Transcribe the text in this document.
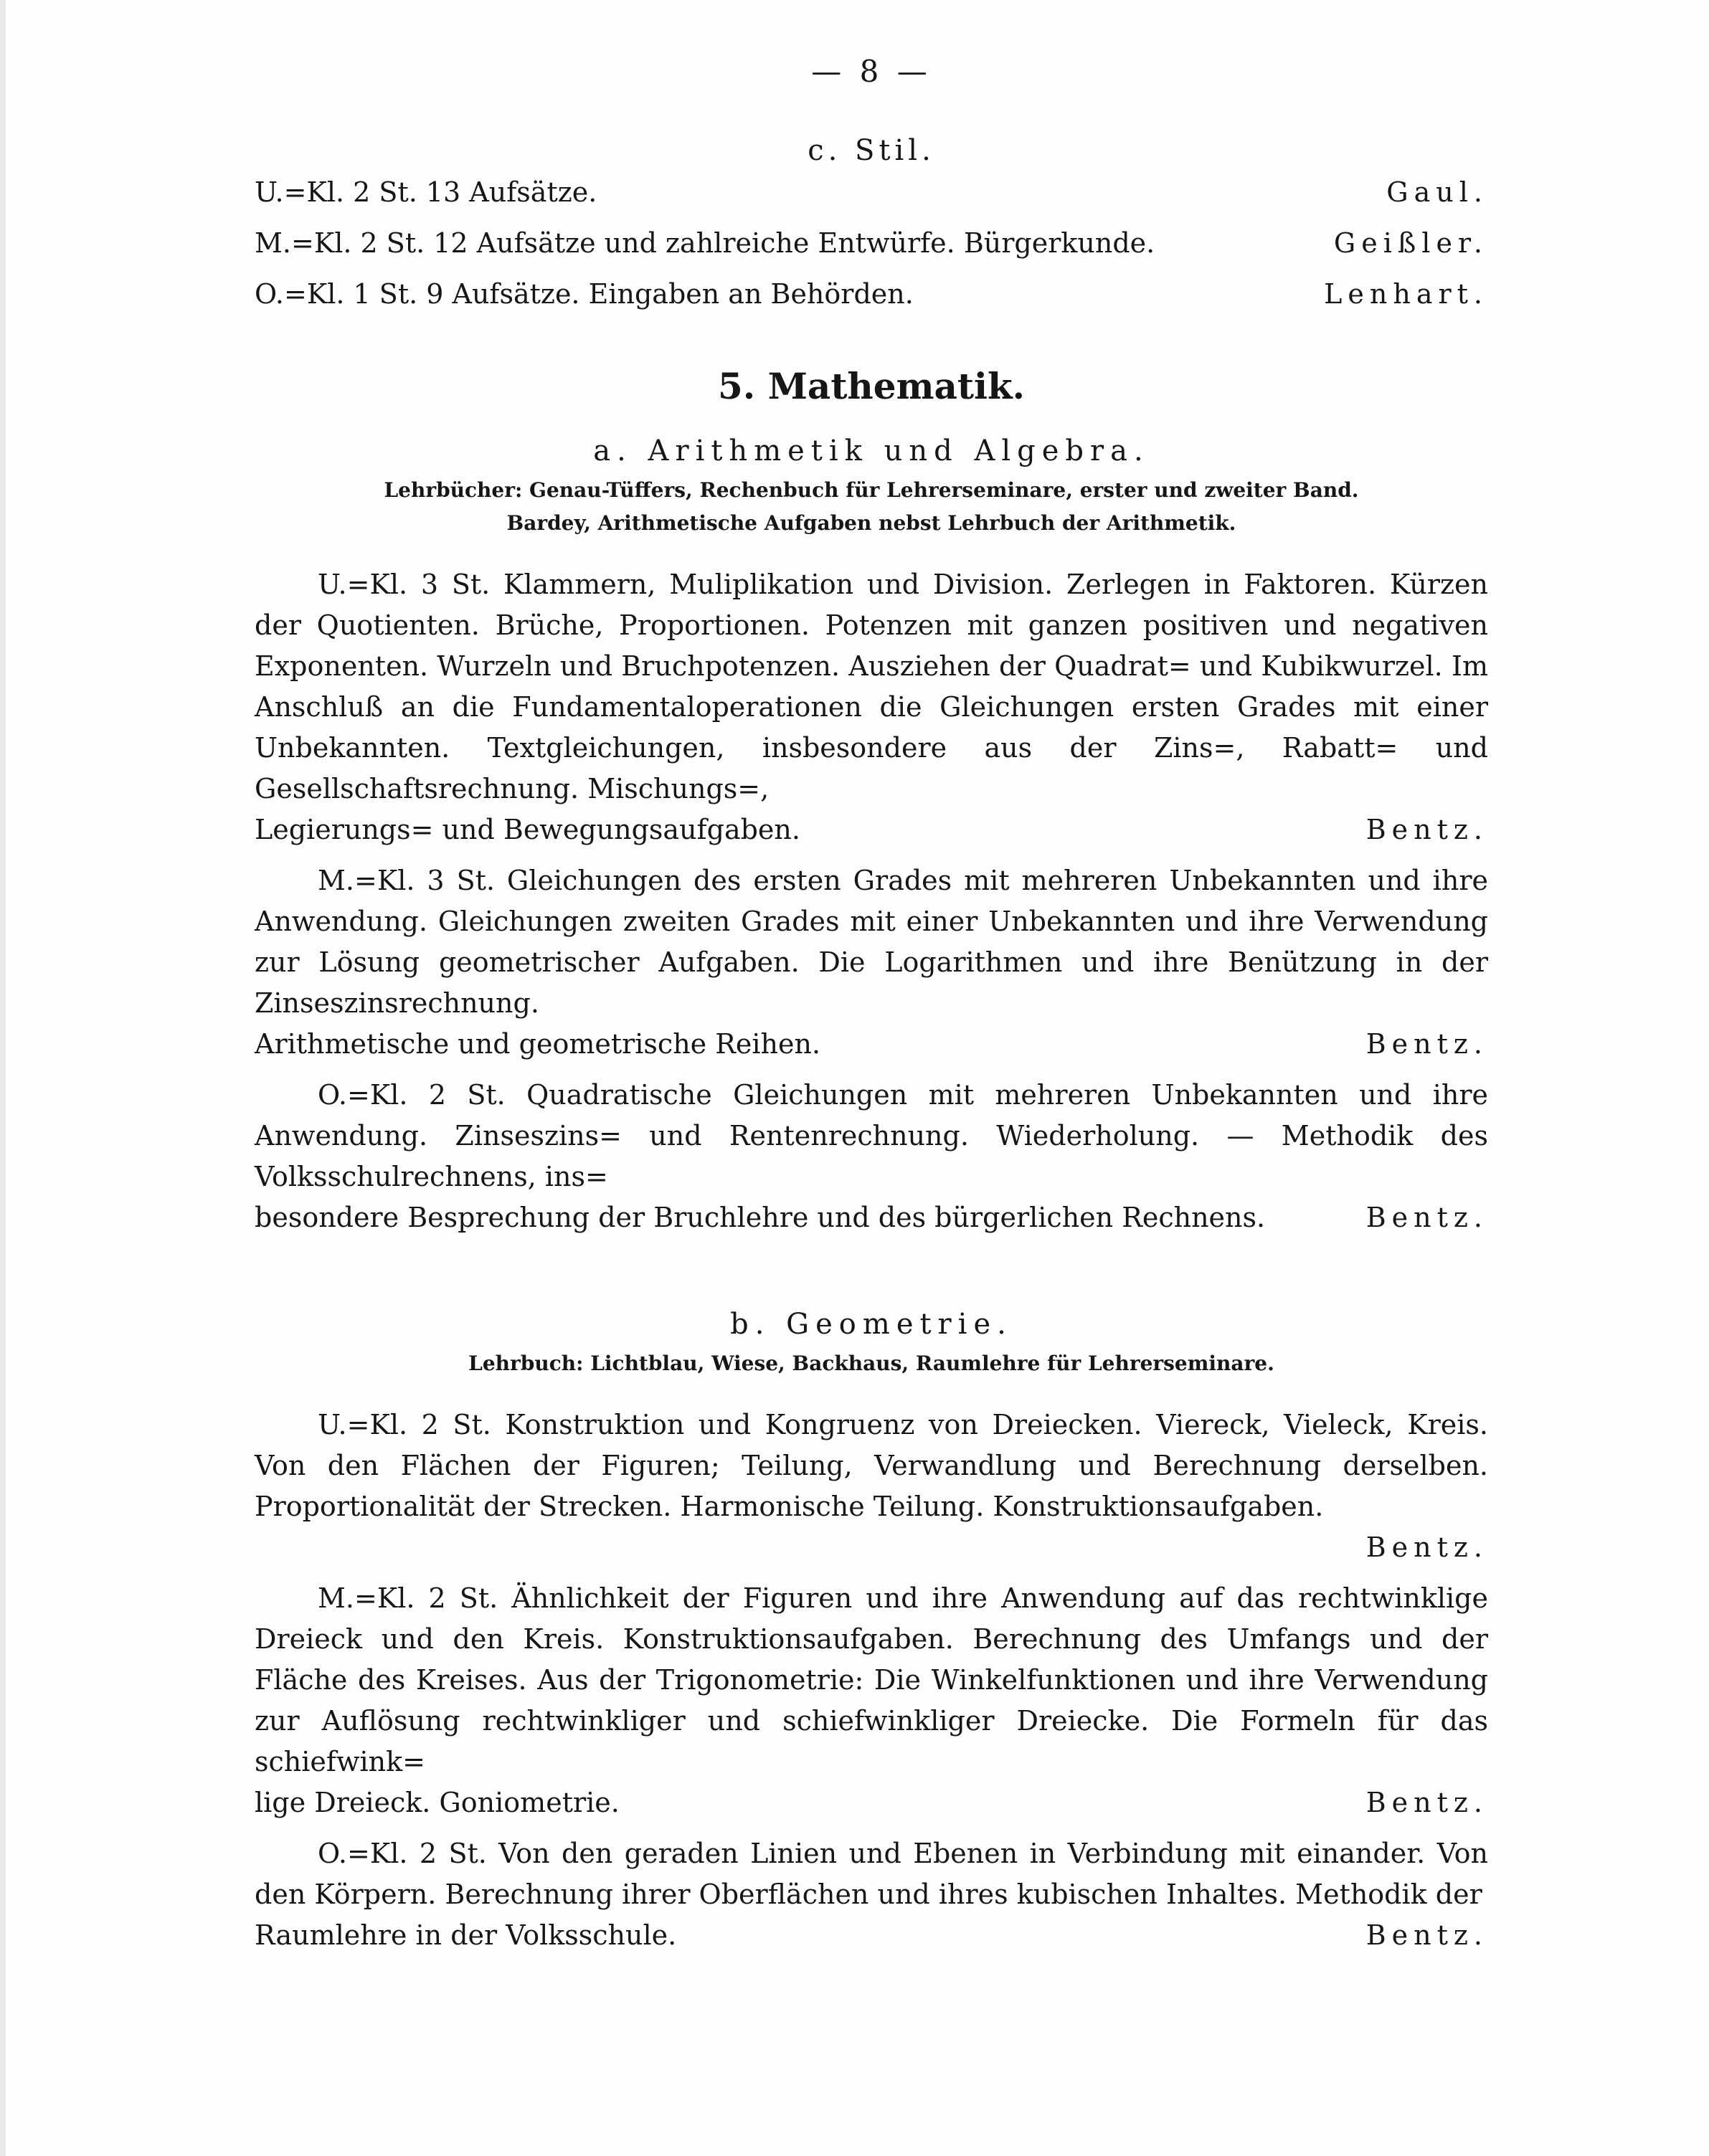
— 8 —
c. Stil.
U.=Kl. 2 St. 13 Aufsätze.	Gaul.
M.=Kl. 2 St. 12 Aufsätze und zahlreiche Entwürfe. Bürgerkunde.	Geißler.
O.=Kl. 1 St. 9 Aufsätze. Eingaben an Behörden.	Lenhart.
5. Mathematik.
a. Arithmetik und Algebra.
Lehrbücher: Genau-Tüffers, Rechenbuch für Lehrerseminare, erster und zweiter Band.
Bardey, Arithmetische Aufgaben nebst Lehrbuch der Arithmetik.
U.=Kl. 3 St. Klammern, Muliplikation und Division. Zerlegen in Faktoren. Kürzen der Quotienten. Brüche, Proportionen. Potenzen mit ganzen positiven und negativen Exponenten. Wurzeln und Bruchpotenzen. Ausziehen der Quadrat= und Kubikwurzel. Im Anschluß an die Fundamentaloperationen die Gleichungen ersten Grades mit einer Unbekannten. Textgleichungen, insbesondere aus der Zins=, Rabatt= und Gesellschaftsrechnung. Mischungs=,
Legierungs= und Bewegungsaufgaben.	Bentz.
M.=Kl. 3 St. Gleichungen des ersten Grades mit mehreren Unbekannten und ihre Anwendung. Gleichungen zweiten Grades mit einer Unbekannten und ihre Verwendung zur Lösung geometrischer Aufgaben. Die Logarithmen und ihre Benützung in der Zinseszinsrechnung.
Arithmetische und geometrische Reihen.	Bentz.
O.=Kl. 2 St. Quadratische Gleichungen mit mehreren Unbekannten und ihre Anwendung. Zinseszins= und Rentenrechnung. Wiederholung. — Methodik des Volksschulrechnens, ins=
besondere Besprechung der Bruchlehre und des bürgerlichen Rechnens.	Bentz.
b. Geometrie.
Lehrbuch: Lichtblau, Wiese, Backhaus, Raumlehre für Lehrerseminare.
U.=Kl. 2 St. Konstruktion und Kongruenz von Dreiecken. Viereck, Vieleck, Kreis. Von den Flächen der Figuren; Teilung, Verwandlung und Berechnung derselben. Proportionalität der Strecken. Harmonische Teilung. Konstruktionsaufgaben.
Bentz.
M.=Kl. 2 St. Ähnlichkeit der Figuren und ihre Anwendung auf das rechtwinklige Dreieck und den Kreis. Konstruktionsaufgaben. Berechnung des Umfangs und der Fläche des Kreises. Aus der Trigonometrie: Die Winkelfunktionen und ihre Verwendung zur Auflösung rechtwinkliger und schiefwinkliger Dreiecke. Die Formeln für das schiefwink=
lige Dreieck. Goniometrie.	Bentz.
O.=Kl. 2 St. Von den geraden Linien und Ebenen in Verbindung mit einander. Von den Körpern. Berechnung ihrer Oberflächen und ihres kubischen Inhaltes. Methodik der
Raumlehre in der Volksschule.	Bentz.
